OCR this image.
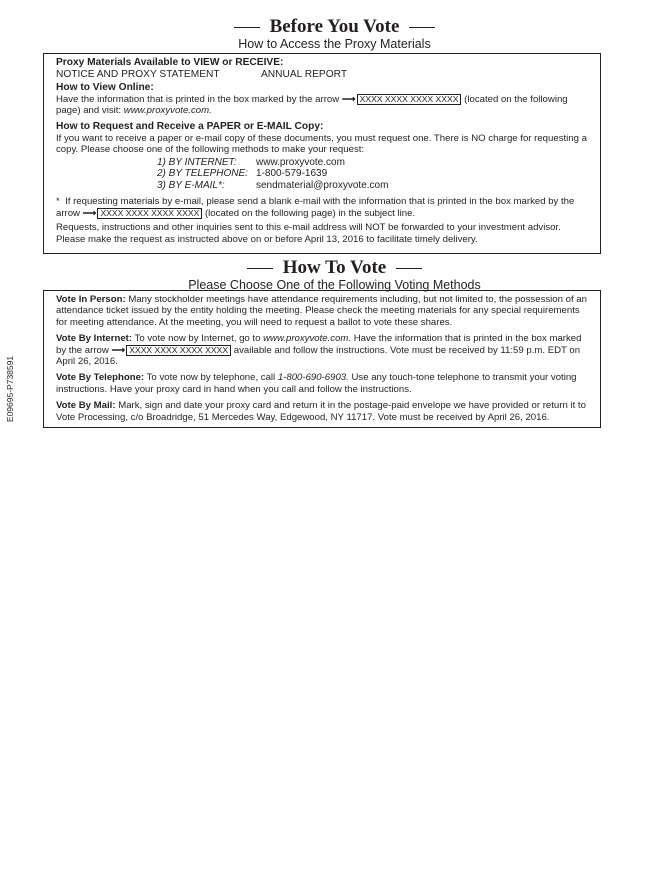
Before You Vote
How to Access the Proxy Materials

Proxy Materials Available to VIEW or RECEIVE:

NOTICE AND PROXY STATEMENT	ANNUAL REPORT

How to View Online:

Have the information that is printed in the box marked by the arrow ⟶ XXXX XXXX XXXX XXXX (located on the following page) and visit: www.proxyvote.com.

How to Request and Receive a PAPER or E-MAIL Copy:

If you want to receive a paper or e-mail copy of these documents, you must request one. There is NO charge for requesting a copy. Please choose one of the following methods to make your request:

1) BY INTERNET: www.proxyvote.com
2) BY TELEPHONE: 1-800-579-1639
3) BY E-MAIL*:	sendmaterial@proxyvote.com

* If requesting materials by e-mail, please send a blank e-mail with the information that is printed in the box marked by the arrow ⟶ XXXX XXXX XXXX XXXX (located on the following page) in the subject line.

Requests, instructions and other inquiries sent to this e-mail address will NOT be forwarded to your investment advisor. Please make the request as instructed above on or before April 13, 2016 to facilitate timely delivery.

How To Vote
Please Choose One of the Following Voting Methods

Vote In Person: Many stockholder meetings have attendance requirements including, but not limited to, the possession of an attendance ticket issued by the entity holding the meeting. Please check the meeting materials for any special requirements for meeting attendance. At the meeting, you will need to request a ballot to vote these shares.

Vote By Internet: To vote now by Internet, go to www.proxyvote.com. Have the information that is printed in the box marked by the arrow ⟶ XXXX XXXX XXXX XXXX available and follow the instructions. Vote must be received by 11:59 p.m. EDT on April 26, 2016.

Vote By Telephone: To vote now by telephone, call 1-800-690-6903. Use any touch-tone telephone to transmit your voting instructions. Have your proxy card in hand when you call and follow the instructions.

Vote By Mail: Mark, sign and date your proxy card and return it in the postage-paid envelope we have provided or return it to Vote Processing, c/o Broadridge, 51 Mercedes Way, Edgewood, NY 11717. Vote must be received by April 26, 2016.

E09695-P738591
